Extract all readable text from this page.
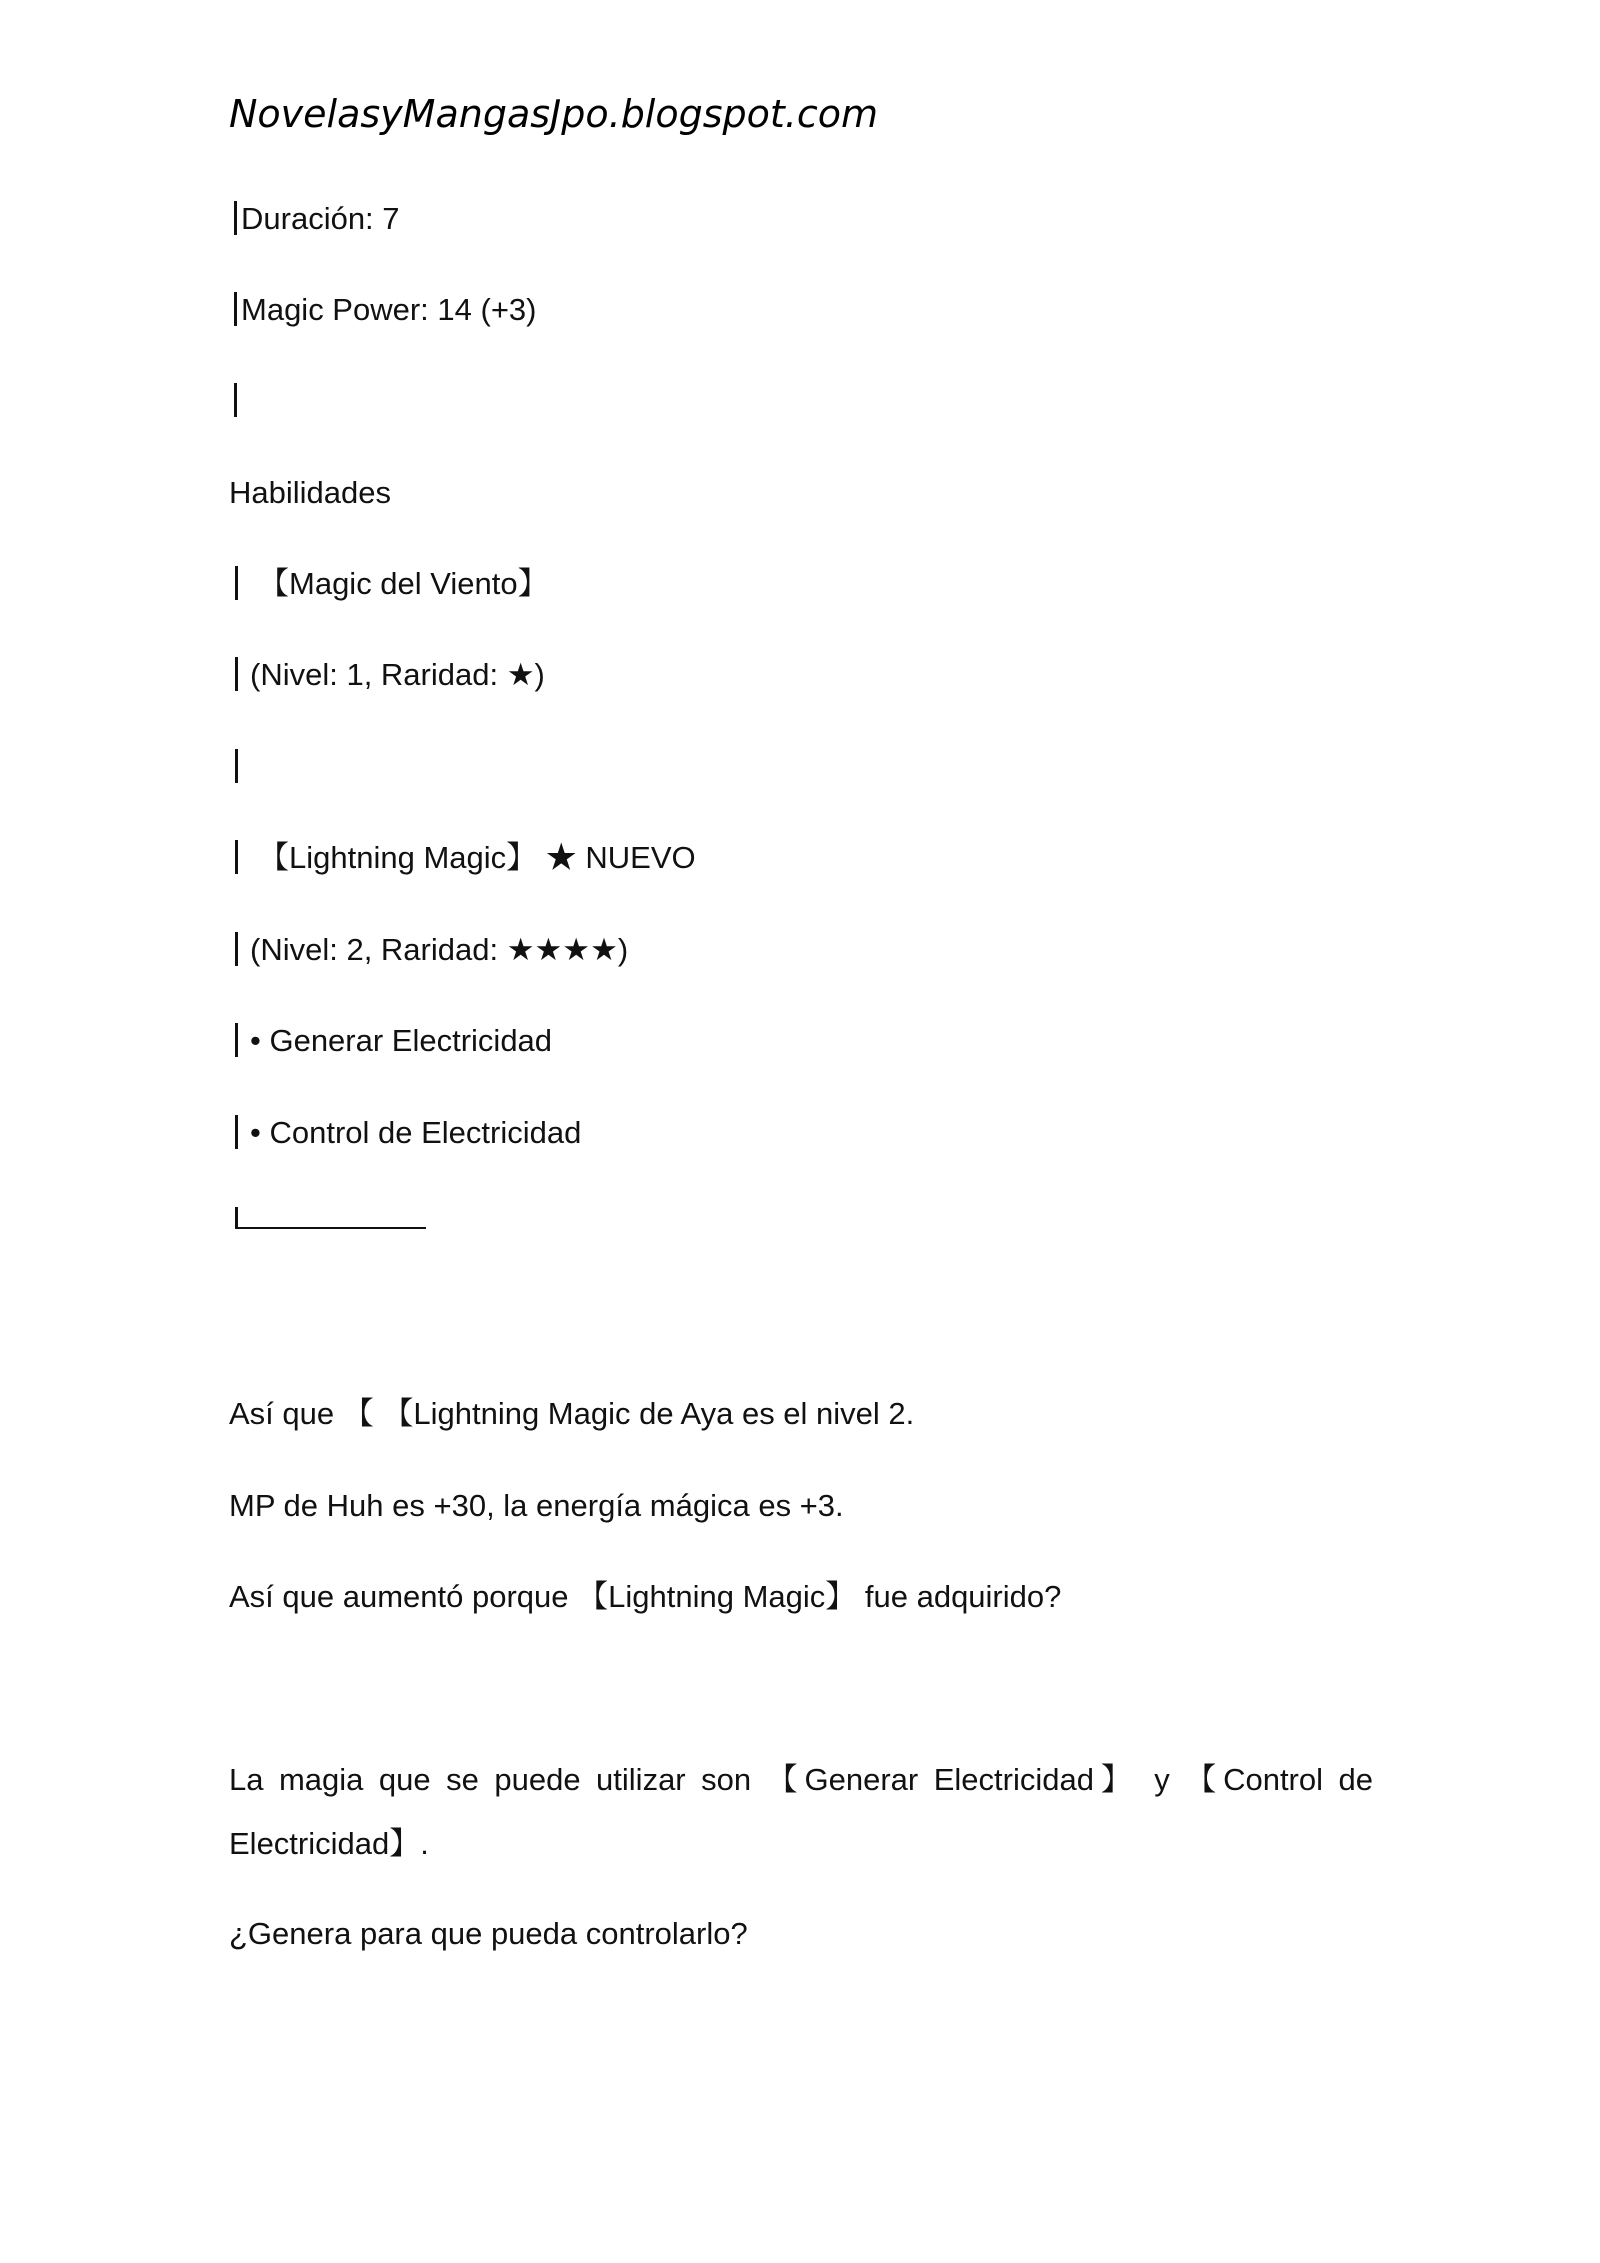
NovelasyMangasJpo.blogspot.com
Duración: 7
Magic Power: 14 (+3)
Habilidades
【Magic del Viento】
(Nivel: 1, Raridad: ★)
【Lightning Magic】 ★ NUEVO
(Nivel: 2, Raridad: ★★★★)
• Generar Electricidad
• Control de Electricidad
Así que 【 【Lightning Magic de Aya es el nivel 2.
MP de Huh es +30, la energía mágica es +3.
Así que aumentó porque 【Lightning Magic】 fue adquirido?
La magia que se puede utilizar son 【Generar Electricidad】 y 【Control de
Electricidad】.
¿Genera para que pueda controlarlo?
